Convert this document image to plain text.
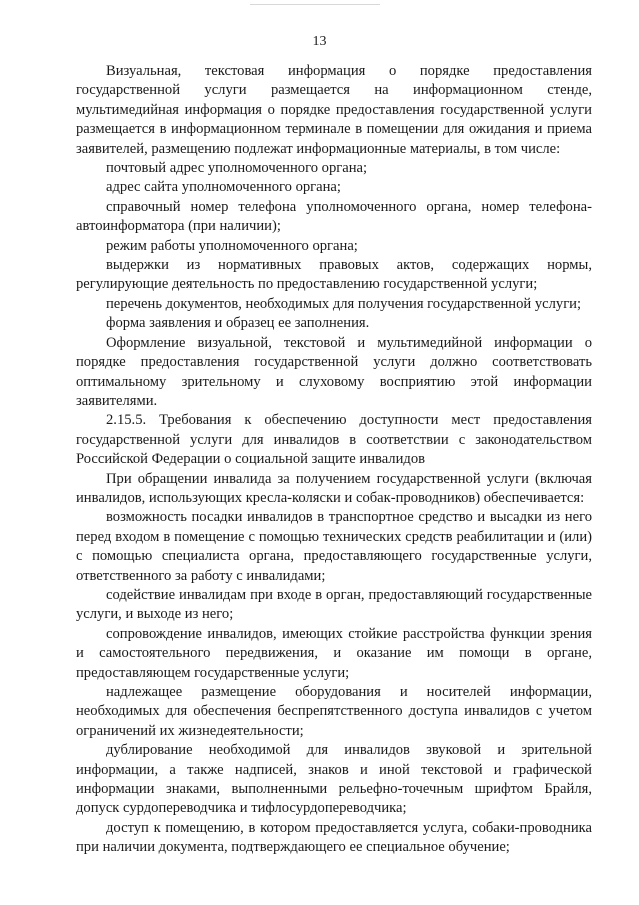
13

Визуальная, текстовая информация о порядке предоставления государственной услуги размещается на информационном стенде, мультимедийная информация о порядке предоставления государственной услуги размещается в информационном терминале в помещении для ожидания и приема заявителей, размещению подлежат информационные материалы, в том числе:

почтовый адрес уполномоченного органа;

адрес сайта уполномоченного органа;

справочный номер телефона уполномоченного органа, номер телефона-автоинформатора (при наличии);

режим работы уполномоченного органа;

выдержки из нормативных правовых актов, содержащих нормы, регулирующие деятельность по предоставлению государственной услуги;

перечень документов, необходимых для получения государственной услуги;

форма заявления и образец ее заполнения.

Оформление визуальной, текстовой и мультимедийной информации о порядке предоставления государственной услуги должно соответствовать оптимальному зрительному и слуховому восприятию этой информации заявителями.

2.15.5. Требования к обеспечению доступности мест предоставления государственной услуги для инвалидов в соответствии с законодательством Российской Федерации о социальной защите инвалидов

При обращении инвалида за получением государственной услуги (включая инвалидов, использующих кресла-коляски и собак-проводников) обеспечивается:

возможность посадки инвалидов в транспортное средство и высадки из него перед входом в помещение с помощью технических средств реабилитации и (или) с помощью специалиста органа, предоставляющего государственные услуги, ответственного за работу с инвалидами;

содействие инвалидам при входе в орган, предоставляющий государственные услуги, и выходе из него;

сопровождение инвалидов, имеющих стойкие расстройства функции зрения и самостоятельного передвижения, и оказание им помощи в органе, предоставляющем государственные услуги;

надлежащее размещение оборудования и носителей информации, необходимых для обеспечения беспрепятственного доступа инвалидов с учетом ограничений их жизнедеятельности;

дублирование необходимой для инвалидов звуковой и зрительной информации, а также надписей, знаков и иной текстовой и графической информации знаками, выполненными рельефно-точечным шрифтом Брайля, допуск сурдопереводчика и тифлосурдопереводчика;

доступ к помещению, в котором предоставляется услуга, собаки-проводника при наличии документа, подтверждающего ее специальное обучение;
